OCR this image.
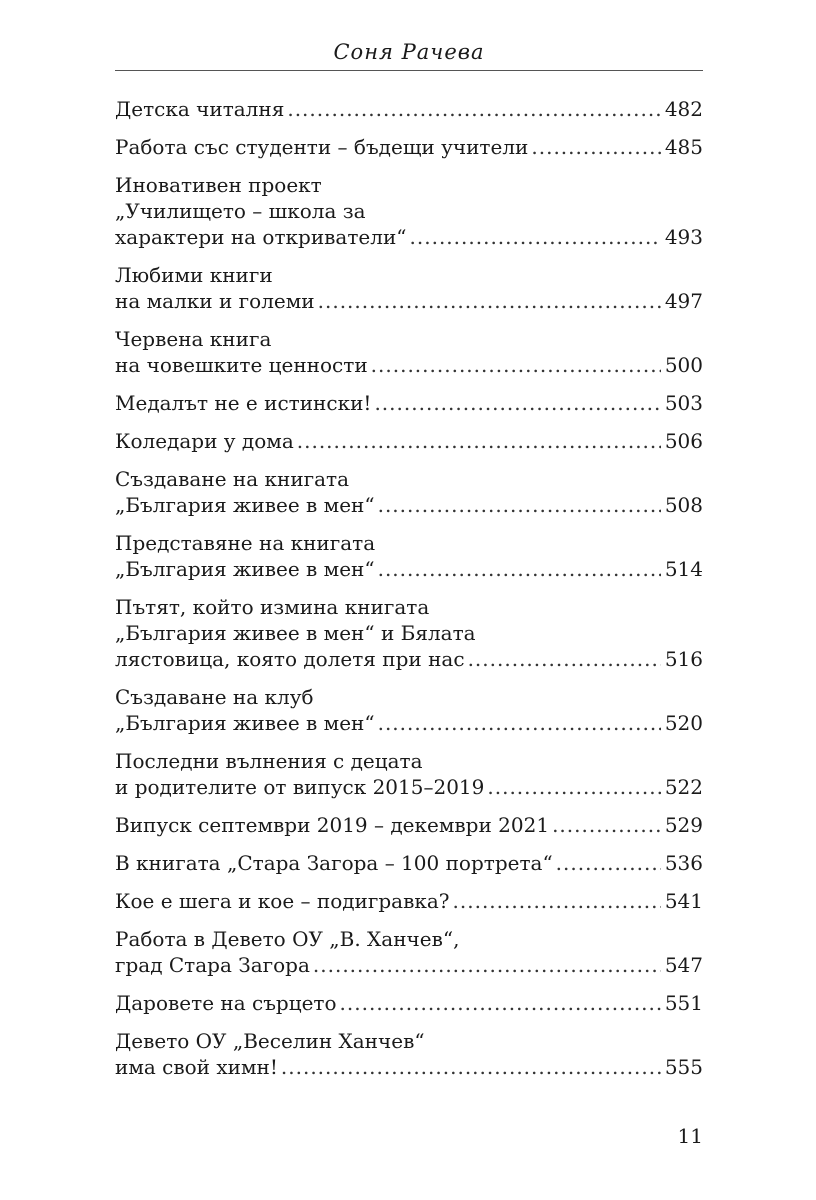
Соня Рачева
Детска читалня .....	482
Работа със студенти – бъдещи учители .....	485
Иновативен проект
„Училището – школа за
характери на откриватели“ .....	493
Любими книги
на малки и големи .....	497
Червена книга
на човешките ценности .....	500
Медалът не е истински! .....	503
Коледари у дома .....	506
Създаване на книгата
„България живее в мен“ .....	508
Представяне на книгата
„България живее в мен“ .....	514
Пътят, който измина книгата
„България живее в мен“ и Бялата
лястовица, която долетя при нас .....	516
Създаване на клуб
„България живее в мен“ .....	520
Последни вълнения с децата
и родителите от випуск 2015–2019 .....	522
Випуск септември 2019 – декември 2021 .....	529
В книгата „Стара Загора – 100 портрета“ .....	536
Кое е шега и кое – подигравка? .....	541
Работа в Девето ОУ „В. Ханчев“,
град Стара Загора .....	547
Даровете на сърцето .....	551
Девето ОУ „Веселин Ханчев“
има свой химн! .....	555
11
